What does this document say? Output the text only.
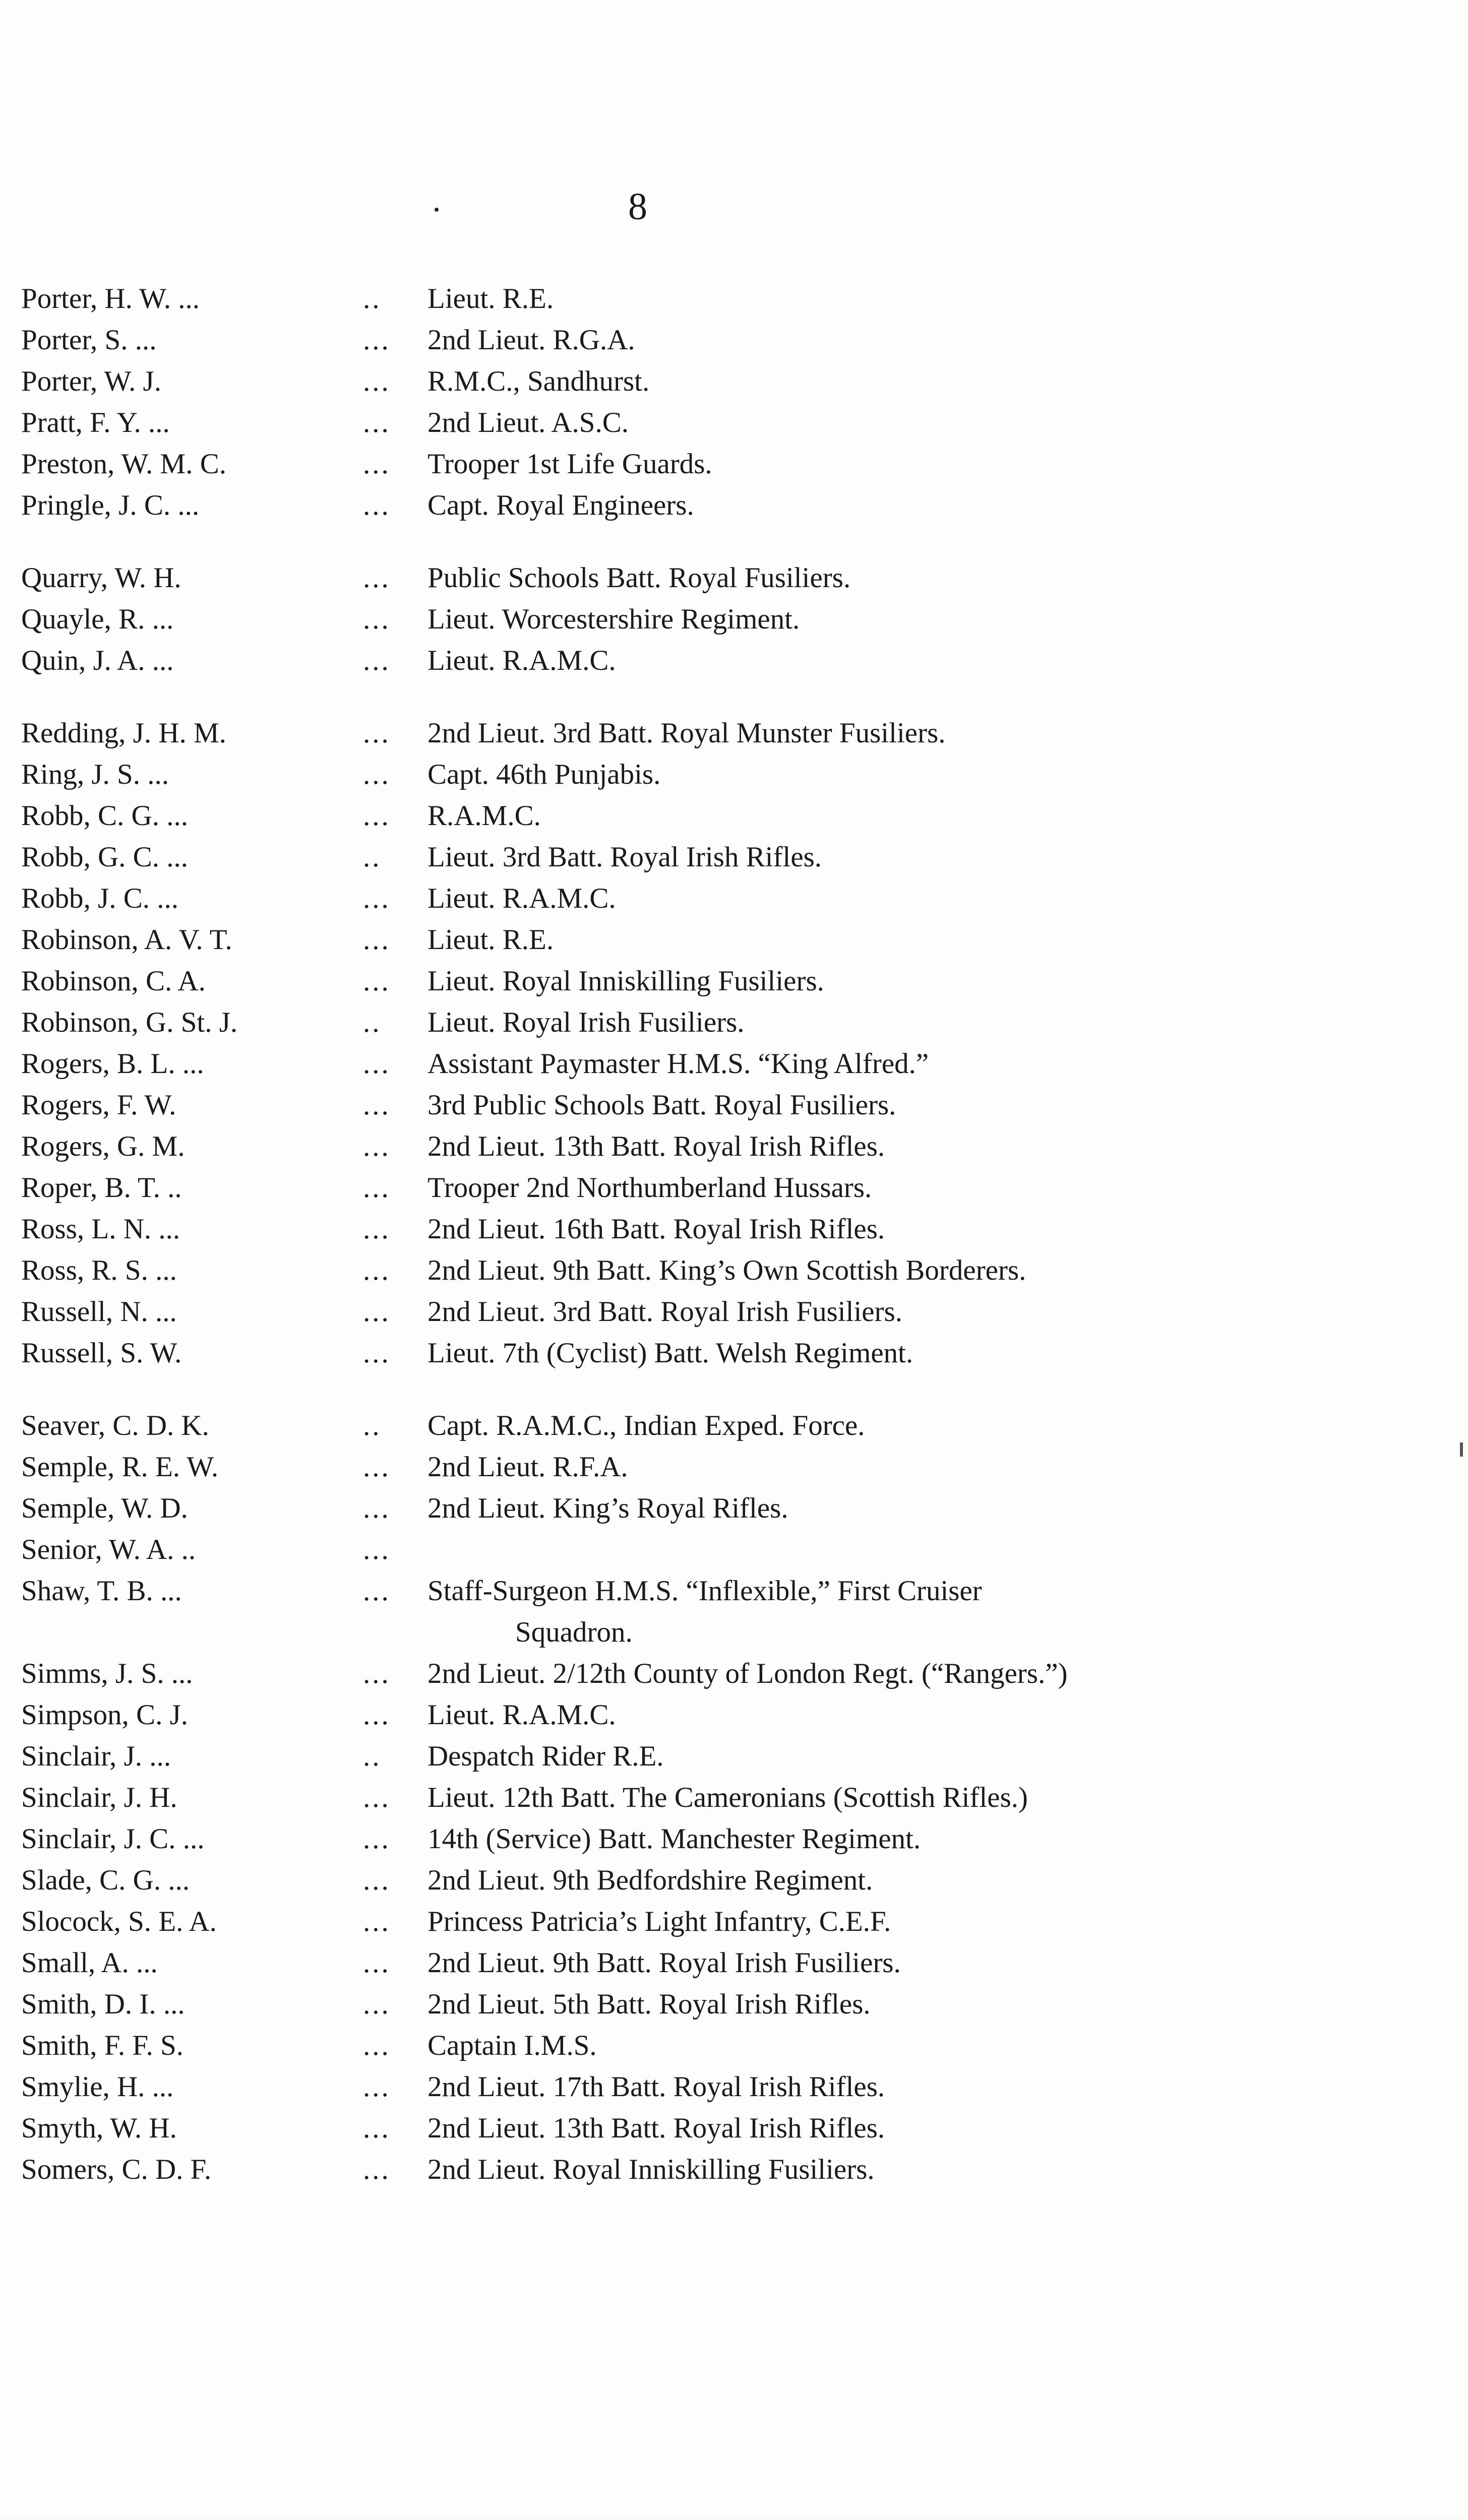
8
Porter, H. W. ...	.. Lieut. R.E.
Porter, S. ...	... 2nd Lieut. R.G.A.
Porter, W. J.	... R.M.C., Sandhurst.
Pratt, F. Y. ...	... 2nd Lieut. A.S.C.
Preston, W. M. C.	... Trooper 1st Life Guards.
Pringle, J. C. ...	... Capt. Royal Engineers.
Quarry, W. H.	... Public Schools Batt. Royal Fusiliers.
Quayle, R. ...	... Lieut. Worcestershire Regiment.
Quin, J. A. ...	... Lieut. R.A.M.C.
Redding, J. H. M.	... 2nd Lieut. 3rd Batt. Royal Munster Fusiliers.
Ring, J. S. ...	... Capt. 46th Punjabis.
Robb, C. G. ...	... R.A.M.C.
Robb, G. C. ...	.. Lieut. 3rd Batt. Royal Irish Rifles.
Robb, J. C. ...	... Lieut. R.A.M.C.
Robinson, A. V. T.	... Lieut. R.E.
Robinson, C. A.	... Lieut. Royal Inniskilling Fusiliers.
Robinson, G. St. J.	.. Lieut. Royal Irish Fusiliers.
Rogers, B. L. ...	... Assistant Paymaster H.M.S. “King Alfred.”
Rogers, F. W.	... 3rd Public Schools Batt. Royal Fusiliers.
Rogers, G. M.	... 2nd Lieut. 13th Batt. Royal Irish Rifles.
Roper, B. T. ..	... Trooper 2nd Northumberland Hussars.
Ross, L. N. ...	... 2nd Lieut. 16th Batt. Royal Irish Rifles.
Ross, R. S. ...	... 2nd Lieut. 9th Batt. King’s Own Scottish Borderers.
Russell, N. ...	... 2nd Lieut. 3rd Batt. Royal Irish Fusiliers.
Russell, S. W.	... Lieut. 7th (Cyclist) Batt. Welsh Regiment.
Seaver, C. D. K.	.. Capt. R.A.M.C., Indian Exped. Force.
Semple, R. E. W.	... 2nd Lieut. R.F.A.
Semple, W. D.	... 2nd Lieut. King’s Royal Rifles.
Senior, W. A. ..	...
Shaw, T. B. ...	... Staff-Surgeon H.M.S. “Inflexible,” First Cruiser
Squadron.
Simms, J. S. ...	... 2nd Lieut. 2/12th County of London Regt. (“Rangers.”)
Simpson, C. J.	... Lieut. R.A.M.C.
Sinclair, J. ...	.. Despatch Rider R.E.
Sinclair, J. H.	... Lieut. 12th Batt. The Cameronians (Scottish Rifles.)
Sinclair, J. C. ...	... 14th (Service) Batt. Manchester Regiment.
Slade, C. G. ...	... 2nd Lieut. 9th Bedfordshire Regiment.
Slocock, S. E. A.	... Princess Patricia’s Light Infantry, C.E.F.
Small, A. ...	... 2nd Lieut. 9th Batt. Royal Irish Fusiliers.
Smith, D. I. ...	... 2nd Lieut. 5th Batt. Royal Irish Rifles.
Smith, F. F. S.	... Captain I.M.S.
Smylie, H. ...	... 2nd Lieut. 17th Batt. Royal Irish Rifles.
Smyth, W. H.	... 2nd Lieut. 13th Batt. Royal Irish Rifles.
Somers, C. D. F.	... 2nd Lieut. Royal Inniskilling Fusiliers.
